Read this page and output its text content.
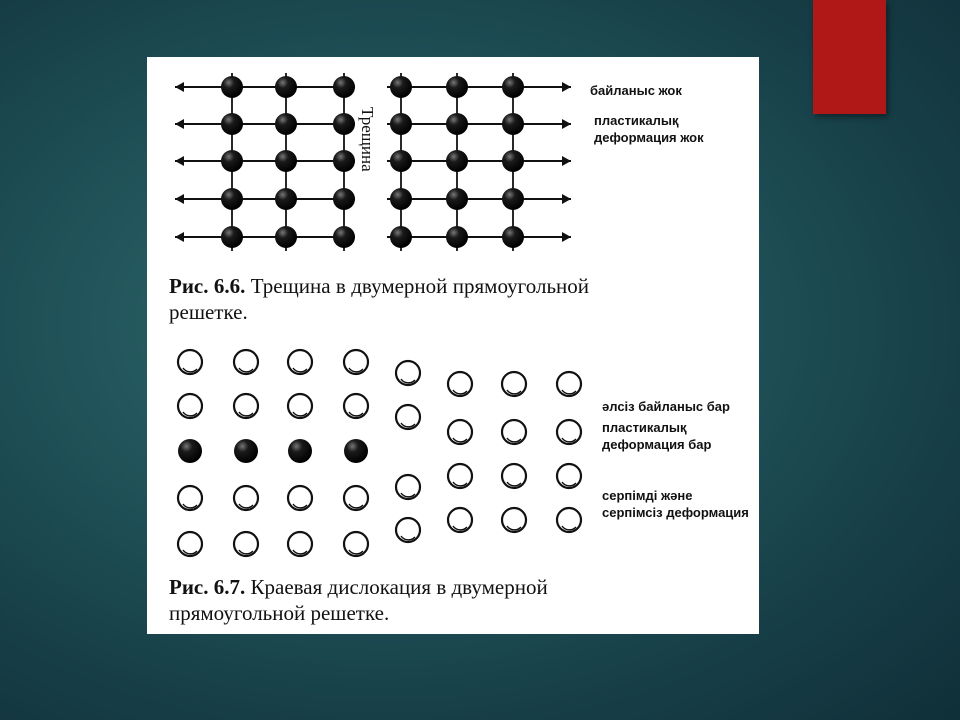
Трещина

Рис. 6.6. Трещина в двумерной прямоугольной решетке.

Рис. 6.7. Краевая дислокация в двумерной прямоугольной решетке.

байланыс жок

пластикалық деформация жок

әлсіз байланыс бар

пластикалық деформация бар

серпімді және серпімсіз деформация
